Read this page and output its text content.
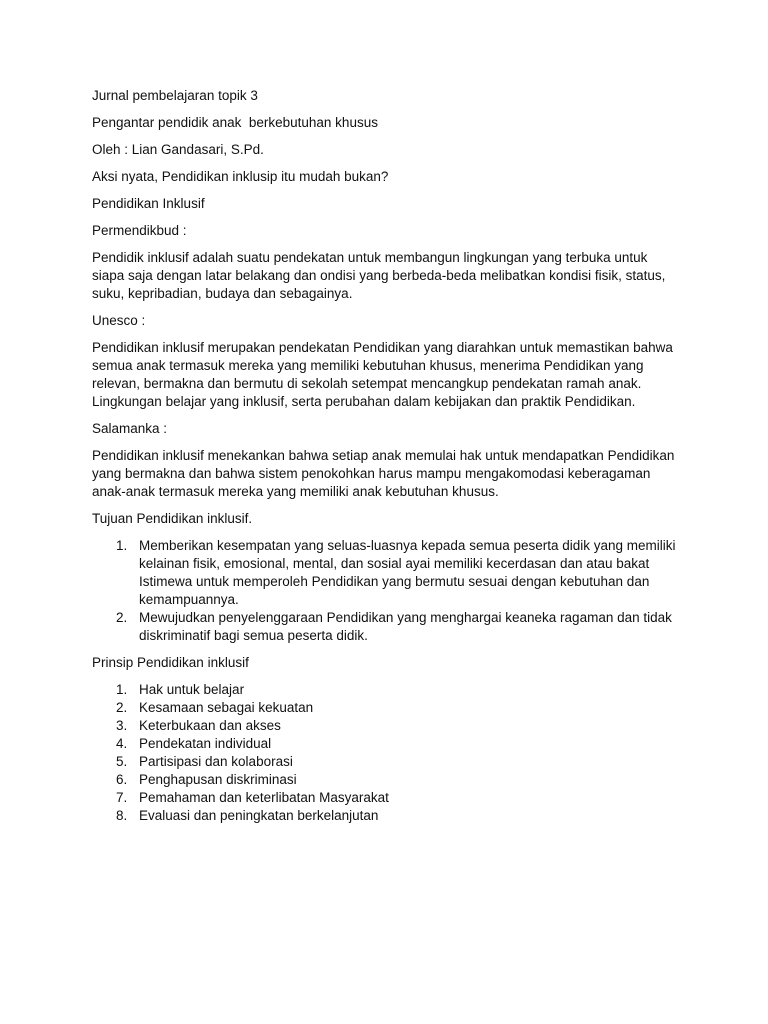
Jurnal pembelajaran topik 3

Pengantar pendidik anak  berkebutuhan khusus

Oleh : Lian Gandasari, S.Pd.

Aksi nyata, Pendidikan inklusip itu mudah bukan?

Pendidikan Inklusif

Permendikbud :

Pendidik inklusif adalah suatu pendekatan untuk membangun lingkungan yang terbuka untuk siapa saja dengan latar belakang dan ondisi yang berbeda-beda melibatkan kondisi fisik, status, suku, kepribadian, budaya dan sebagainya.

Unesco :

Pendidikan inklusif merupakan pendekatan Pendidikan yang diarahkan untuk memastikan bahwa semua anak termasuk mereka yang memiliki kebutuhan khusus, menerima Pendidikan yang relevan, bermakna dan bermutu di sekolah setempat mencangkup pendekatan ramah anak. Lingkungan belajar yang inklusif, serta perubahan dalam kebijakan dan praktik Pendidikan.

Salamanka :

Pendidikan inklusif menekankan bahwa setiap anak memulai hak untuk mendapatkan Pendidikan yang bermakna dan bahwa sistem penokohkan harus mampu mengakomodasi keberagaman anak-anak termasuk mereka yang memiliki anak kebutuhan khusus.

Tujuan Pendidikan inklusif.

1. Memberikan kesempatan yang seluas-luasnya kepada semua peserta didik yang memiliki kelainan fisik, emosional, mental, dan sosial ayai memiliki kecerdasan dan atau bakat Istimewa untuk memperoleh Pendidikan yang bermutu sesuai dengan kebutuhan dan kemampuannya.
2. Mewujudkan penyelenggaraan Pendidikan yang menghargai keaneka ragaman dan tidak diskriminatif bagi semua peserta didik.

Prinsip Pendidikan inklusif

1. Hak untuk belajar
2. Kesamaan sebagai kekuatan
3. Keterbukaan dan akses
4. Pendekatan individual
5. Partisipasi dan kolaborasi
6. Penghapusan diskriminasi
7. Pemahaman dan keterlibatan Masyarakat
8. Evaluasi dan peningkatan berkelanjutan
